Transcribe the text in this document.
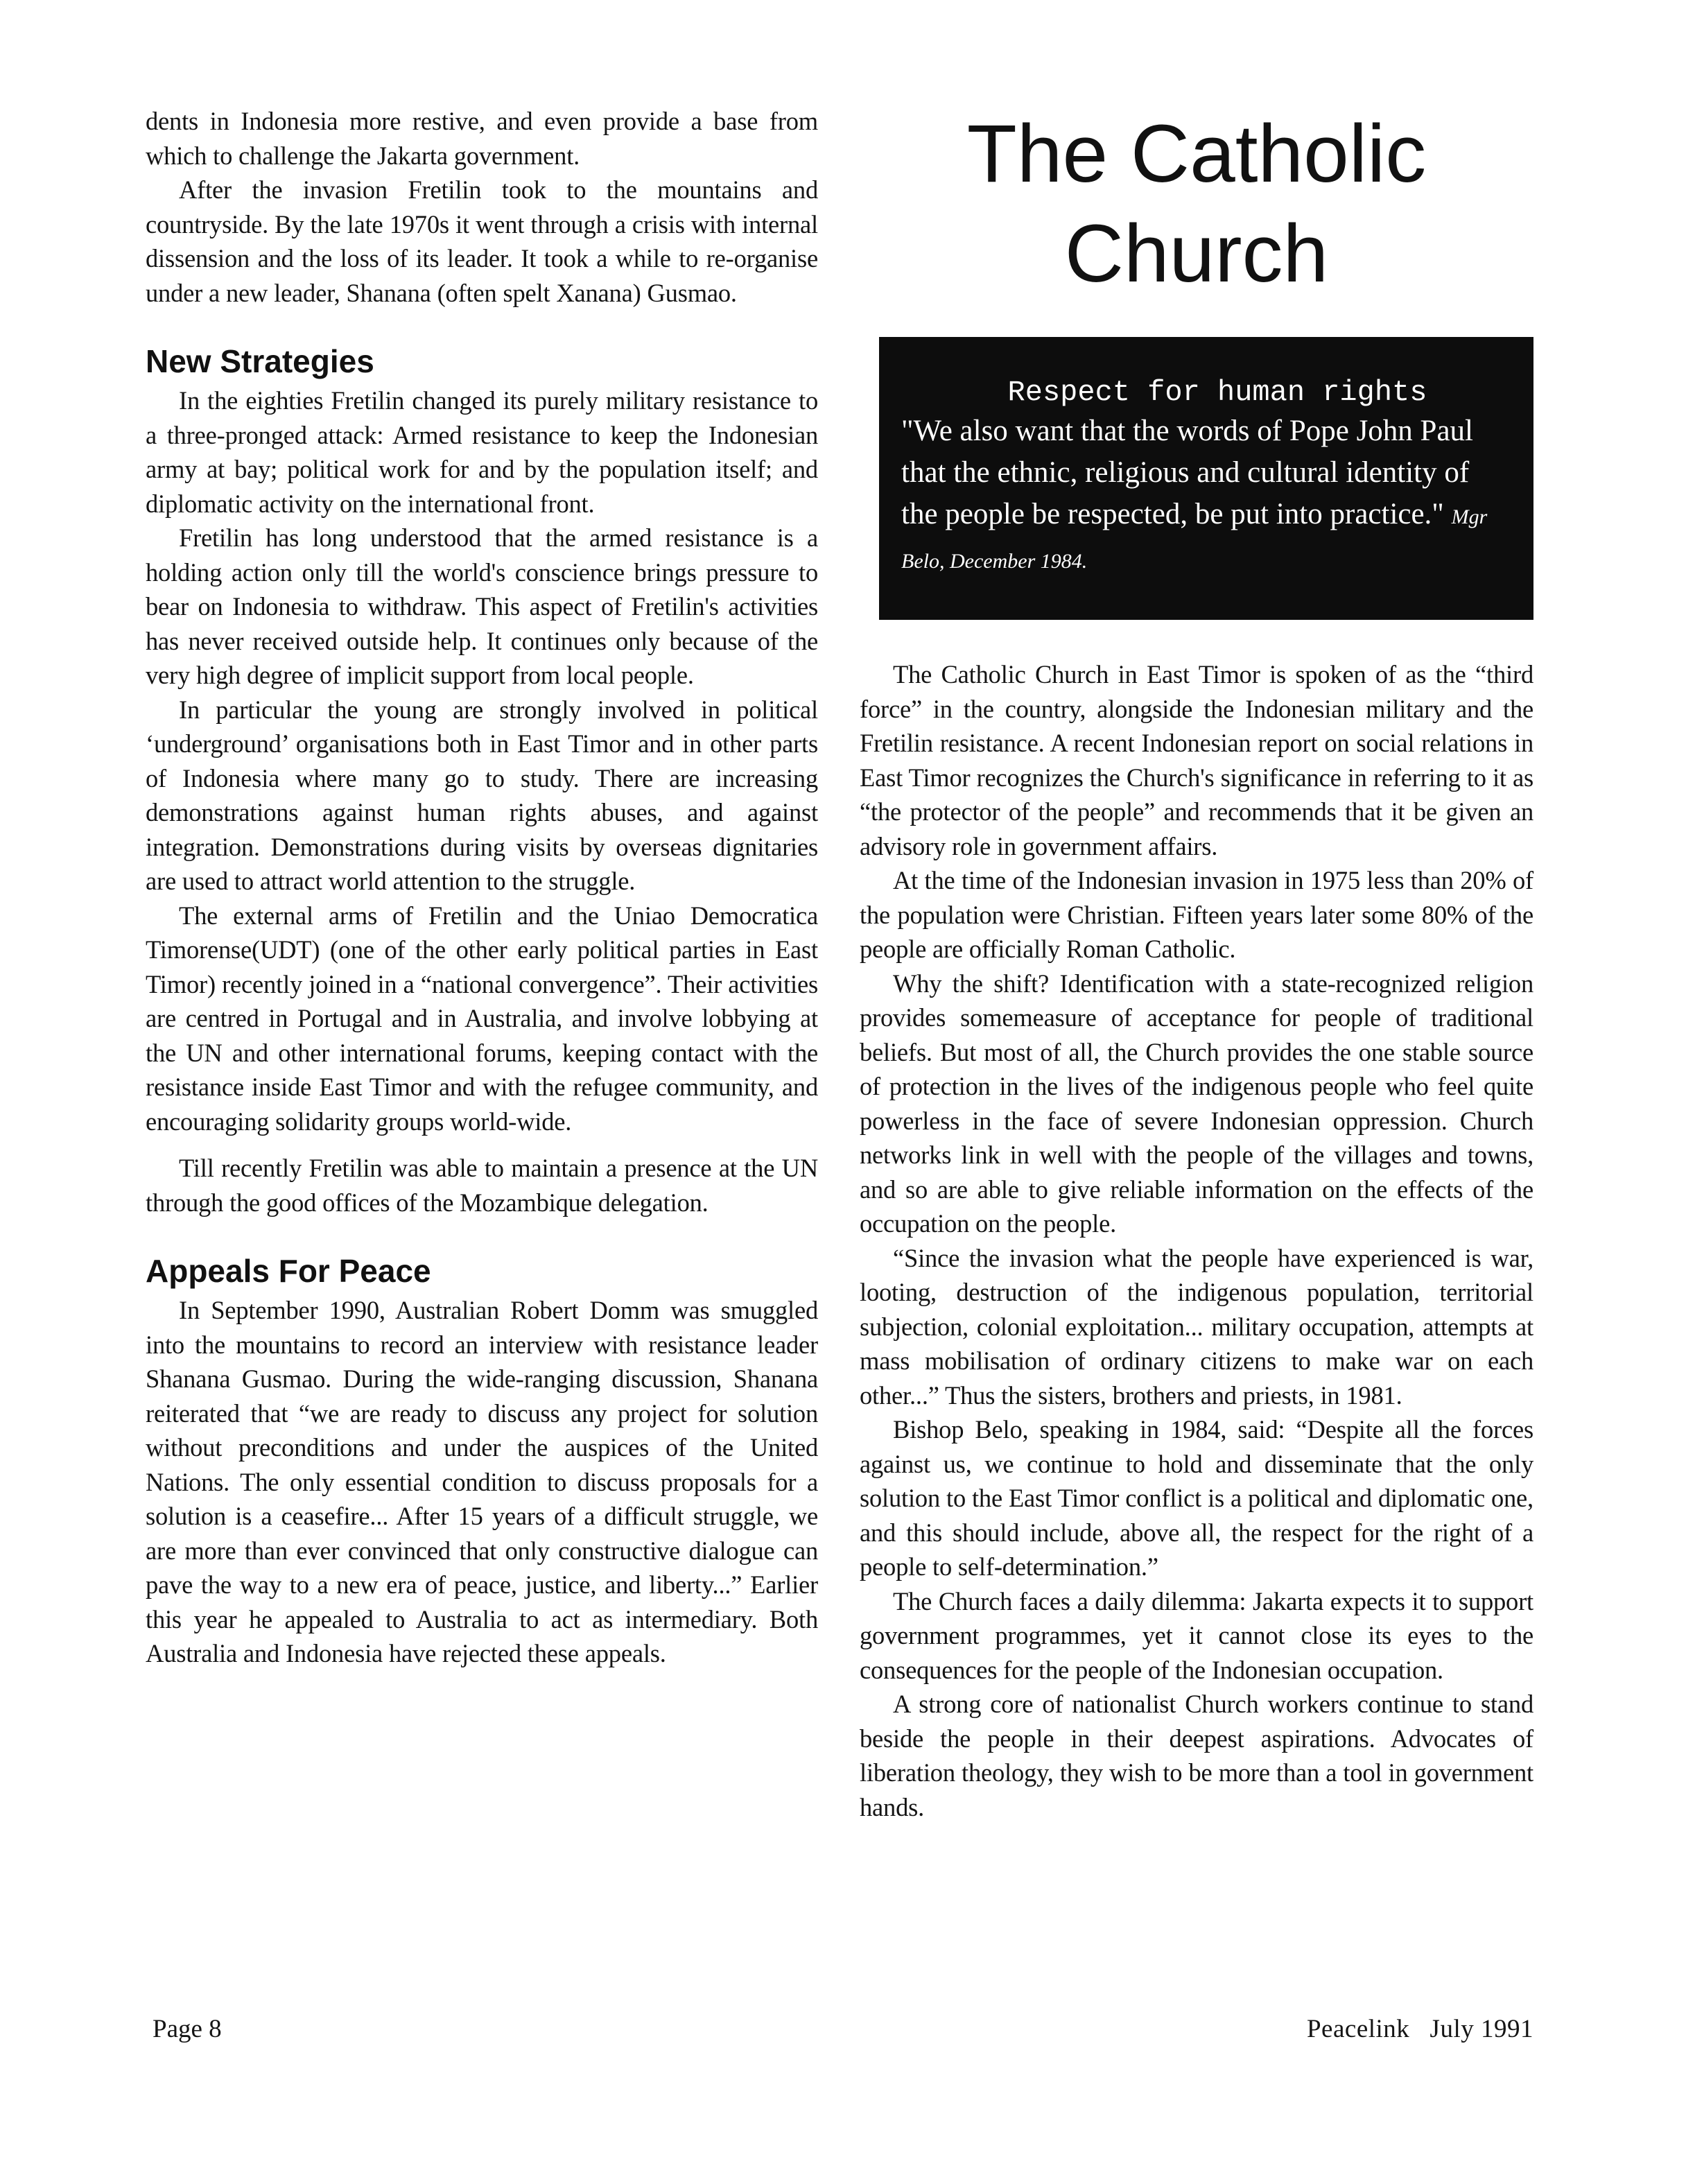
dents in Indonesia more restive, and even provide a base from which to challenge the Jakarta government.

After the invasion Fretilin took to the mountains and countryside. By the late 1970s it went through a crisis with internal dissension and the loss of its leader. It took a while to re-organise under a new leader, Shanana (often spelt Xanana) Gusmao.

New Strategies

In the eighties Fretilin changed its purely military resistance to a three-pronged attack: Armed resistance to keep the Indonesian army at bay; political work for and by the population itself; and diplomatic activity on the international front.

Fretilin has long understood that the armed resistance is a holding action only till the world's conscience brings pressure to bear on Indonesia to withdraw. This aspect of Fretilin's activities has never received outside help. It continues only because of the very high degree of implicit support from local people.

In particular the young are strongly involved in political ‘underground’ organisations both in East Timor and in other parts of Indonesia where many go to study. There are increasing demonstrations against human rights abuses, and against integration. Demonstrations during visits by overseas dignitaries are used to attract world attention to the struggle.

The external arms of Fretilin and the Uniao Democratica Timorense(UDT) (one of the other early political parties in East Timor) recently joined in a “national convergence”. Their activities are centred in Portugal and in Australia, and involve lobbying at the UN and other international forums, keeping contact with the resistance inside East Timor and with the refugee community, and encouraging solidarity groups world-wide.

Till recently Fretilin was able to maintain a presence at the UN through the good offices of the Mozambique delegation.

Appeals For Peace

In September 1990, Australian Robert Domm was smuggled into the mountains to record an interview with resistance leader Shanana Gusmao. During the wide-ranging discussion, Shanana reiterated that “we are ready to discuss any project for solution without preconditions and under the auspices of the United Nations. The only essential condition to discuss proposals for a solution is a ceasefire... After 15 years of a difficult struggle, we are more than ever convinced that only constructive dialogue can pave the way to a new era of peace, justice, and liberty...” Earlier this year he appealed to Australia to act as intermediary. Both Australia and Indonesia have rejected these appeals.

The Catholic
Church
Respect for human rights

"We also want that the words of Pope John Paul that the ethnic, religious and cultural identity of the people be respected, be put into practice." Mgr Belo, December 1984.

The Catholic Church in East Timor is spoken of as the “third force” in the country, alongside the Indonesian military and the Fretilin resistance. A recent Indonesian report on social relations in East Timor recognizes the Church's significance in referring to it as “the protector of the people” and recommends that it be given an advisory role in government affairs.

At the time of the Indonesian invasion in 1975 less than 20% of the population were Christian. Fifteen years later some 80% of the people are officially Roman Catholic.

Why the shift? Identification with a state-recognized religion provides somemeasure of acceptance for people of traditional beliefs. But most of all, the Church provides the one stable source of protection in the lives of the indigenous people who feel quite powerless in the face of severe Indonesian oppression. Church networks link in well with the people of the villages and towns, and so are able to give reliable information on the effects of the occupation on the people.

“Since the invasion what the people have experienced is war, looting, destruction of the indigenous population, territorial subjection, colonial exploitation... military occupation, attempts at mass mobilisation of ordinary citizens to make war on each other...” Thus the sisters, brothers and priests, in 1981.

Bishop Belo, speaking in 1984, said: “Despite all the forces against us, we continue to hold and disseminate that the only solution to the East Timor conflict is a political and diplomatic one, and this should include, above all, the respect for the right of a people to self-determination.”

The Church faces a daily dilemma: Jakarta expects it to support government programmes, yet it cannot close its eyes to the consequences for the people of the Indonesian occupation.

A strong core of nationalist Church workers continue to stand beside the people in their deepest aspirations. Advocates of liberation theology, they wish to be more than a tool in government hands.

Page 8	Peacelink   July 1991
